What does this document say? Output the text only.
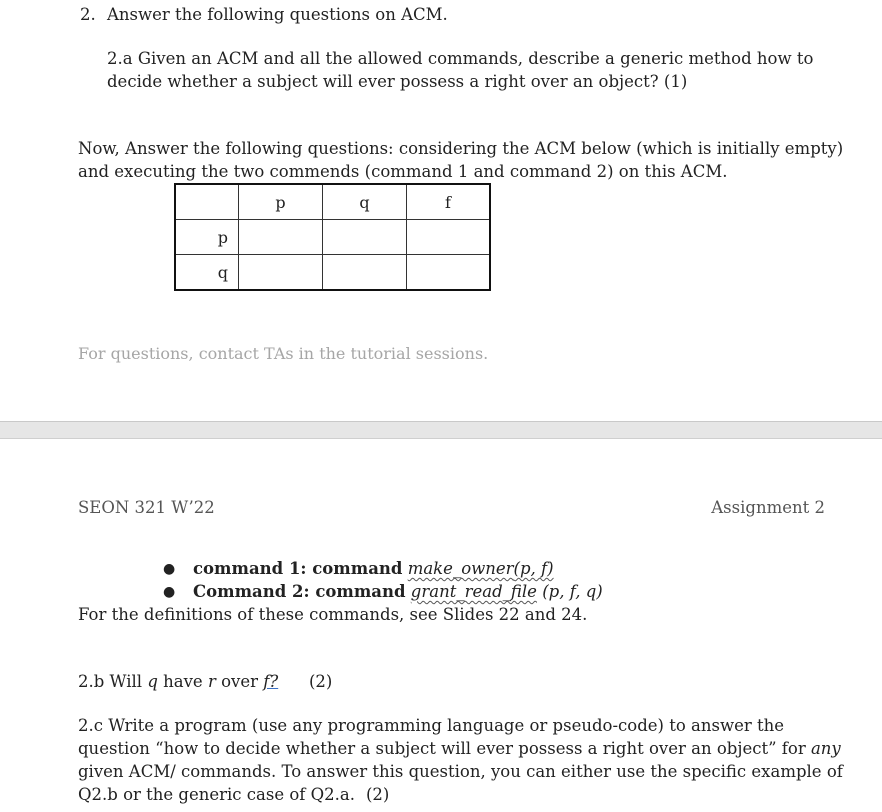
2. Answer the following questions on ACM.
2.a Given an ACM and all the allowed commands, describe a generic method how to
decide whether a subject will ever possess a right over an object? (1)
Now, Answer the following questions: considering the ACM below (which is initially empty)
and executing the two commends (command 1 and command 2) on this ACM.
	p	q	f
p			
q			
For questions, contact TAs in the tutorial sessions.
SEON 321 W’22	Assignment 2
● command 1: command make_owner(p, f)
● Command 2: command grant_read_file (p, f, q)
For the definitions of these commands, see Slides 22 and 24.
2.b Will q have r over f? (2)
2.c Write a program (use any programming language or pseudo-code) to answer the
question “how to decide whether a subject will ever possess a right over an object” for any
given ACM/ commands. To answer this question, you can either use the specific example of
Q2.b or the generic case of Q2.a. (2)
